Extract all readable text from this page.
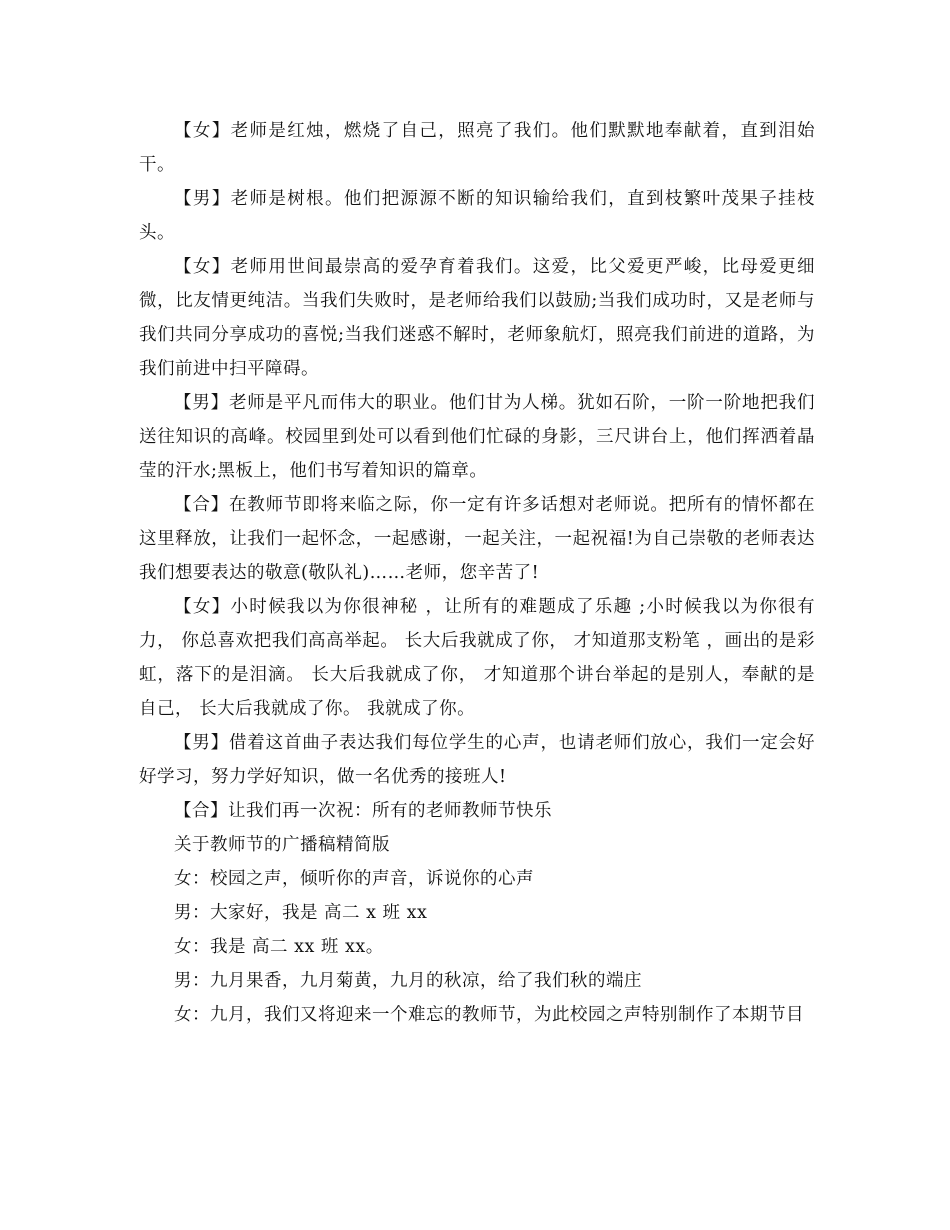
【女】老师是红烛，燃烧了自己，照亮了我们。他们默默地奉献着，直到泪始干。

【男】老师是树根。他们把源源不断的知识输给我们，直到枝繁叶茂果子挂枝头。

【女】老师用世间最崇高的爱孕育着我们。这爱，比父爱更严峻，比母爱更细微，比友情更纯洁。当我们失败时，是老师给我们以鼓励;当我们成功时，又是老师与我们共同分享成功的喜悦;当我们迷惑不解时，老师象航灯，照亮我们前进的道路，为我们前进中扫平障碍。

【男】老师是平凡而伟大的职业。他们甘为人梯。犹如石阶，一阶一阶地把我们送往知识的高峰。校园里到处可以看到他们忙碌的身影，三尺讲台上，他们挥洒着晶莹的汗水;黑板上，他们书写着知识的篇章。

【合】在教师节即将来临之际，你一定有许多话想对老师说。把所有的情怀都在这里释放，让我们一起怀念，一起感谢，一起关注，一起祝福!为自己崇敬的老师表达我们想要表达的敬意(敬队礼)……老师，您辛苦了!

【女】小时候我以为你很神秘 ，让所有的难题成了乐趣 ;小时候我以为你很有力， 你总喜欢把我们高高举起。 长大后我就成了你， 才知道那支粉笔 ，画出的是彩虹，落下的是泪滴。 长大后我就成了你， 才知道那个讲台举起的是别人，奉献的是自己， 长大后我就成了你。 我就成了你。

【男】借着这首曲子表达我们每位学生的心声，也请老师们放心，我们一定会好好学习，努力学好知识，做一名优秀的接班人!

【合】让我们再一次祝：所有的老师教师节快乐

关于教师节的广播稿精简版

女：校园之声，倾听你的声音，诉说你的心声

男：大家好，我是 高二 x 班 xx

女：我是 高二 xx 班 xx。

男：九月果香，九月菊黄，九月的秋凉，给了我们秋的端庄

女：九月，我们又将迎来一个难忘的教师节，为此校园之声特别制作了本期节目
